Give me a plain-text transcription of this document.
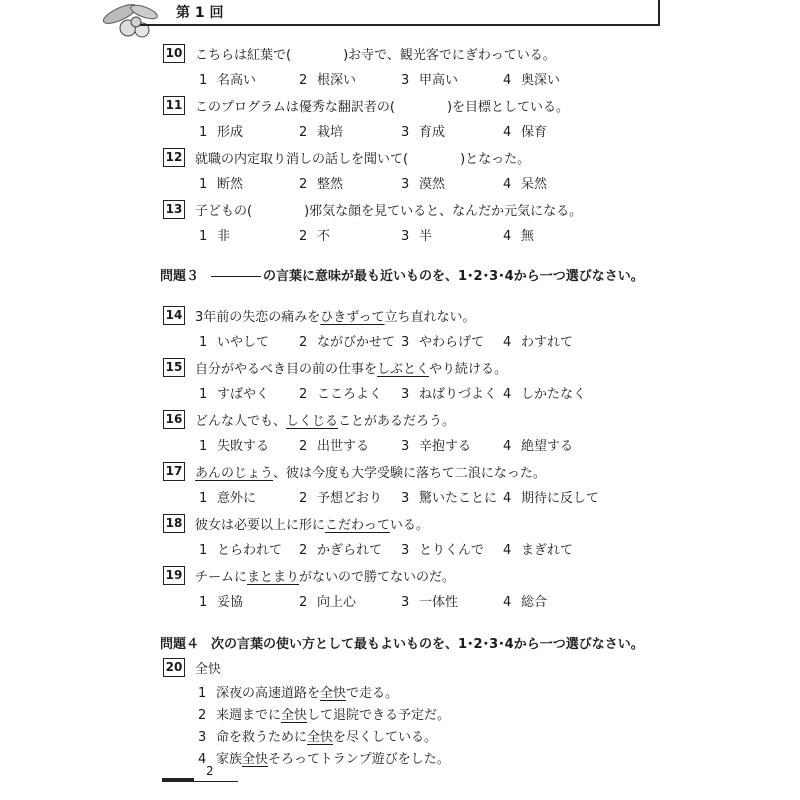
第 1 回
10 こちらは紅葉で(	)お寺で、観光客でにぎわっている。
1 名高い	2 根深い	3 甲高い	4 奥深い
11 このプログラムは優秀な翻訳者の(	)を目標としている。
1 形成	2 栽培	3 育成	4 保育
12 就職の内定取り消しの話しを聞いて(	)となった。
1 断然	2 整然	3 漠然	4 呆然
13 子どもの(	)邪気な顔を見ていると、なんだか元気になる。
1 非	2 不	3 半	4 無
問題３	の言葉に意味が最も近いものを、1･2･3･4から一つ選びなさい。
14 3年前の失恋の痛みをひきずって立ち直れない。
1 いやして 2 ながびかせて 3 やわらげて 4 わすれて
15 自分がやるべき目の前の仕事をしぶとくやり続ける。
1 すばやく 2 こころよく 3 ねばりづよく 4 しかたなく
16 どんな人でも、しくじることがあるだろう。
1 失敗する 2 出世する 3 辛抱する 4 絶望する
17 あんのじょう、彼は今度も大学受験に落ちて二浪になった。
1 意外に	2 予想どおり 3 驚いたことに 4 期待に反して
18 彼女は必要以上に形にこだわっている。
1 とらわれて 2 かぎられて 3 とりくんで 4 まぎれて
19 チームにまとまりがないので勝てないのだ。
1 妥協	2 向上心	3 一体性	4 総合
問題４ 次の言葉の使い方として最もよいものを、1･2･3･4から一つ選びなさい。
20 全快
1 深夜の高速道路を全快で走る。
2 来週までに全快して退院できる予定だ。
3 命を救うために全快を尽くしている。
4 家族全快そろってトランプ遊びをした。
2
